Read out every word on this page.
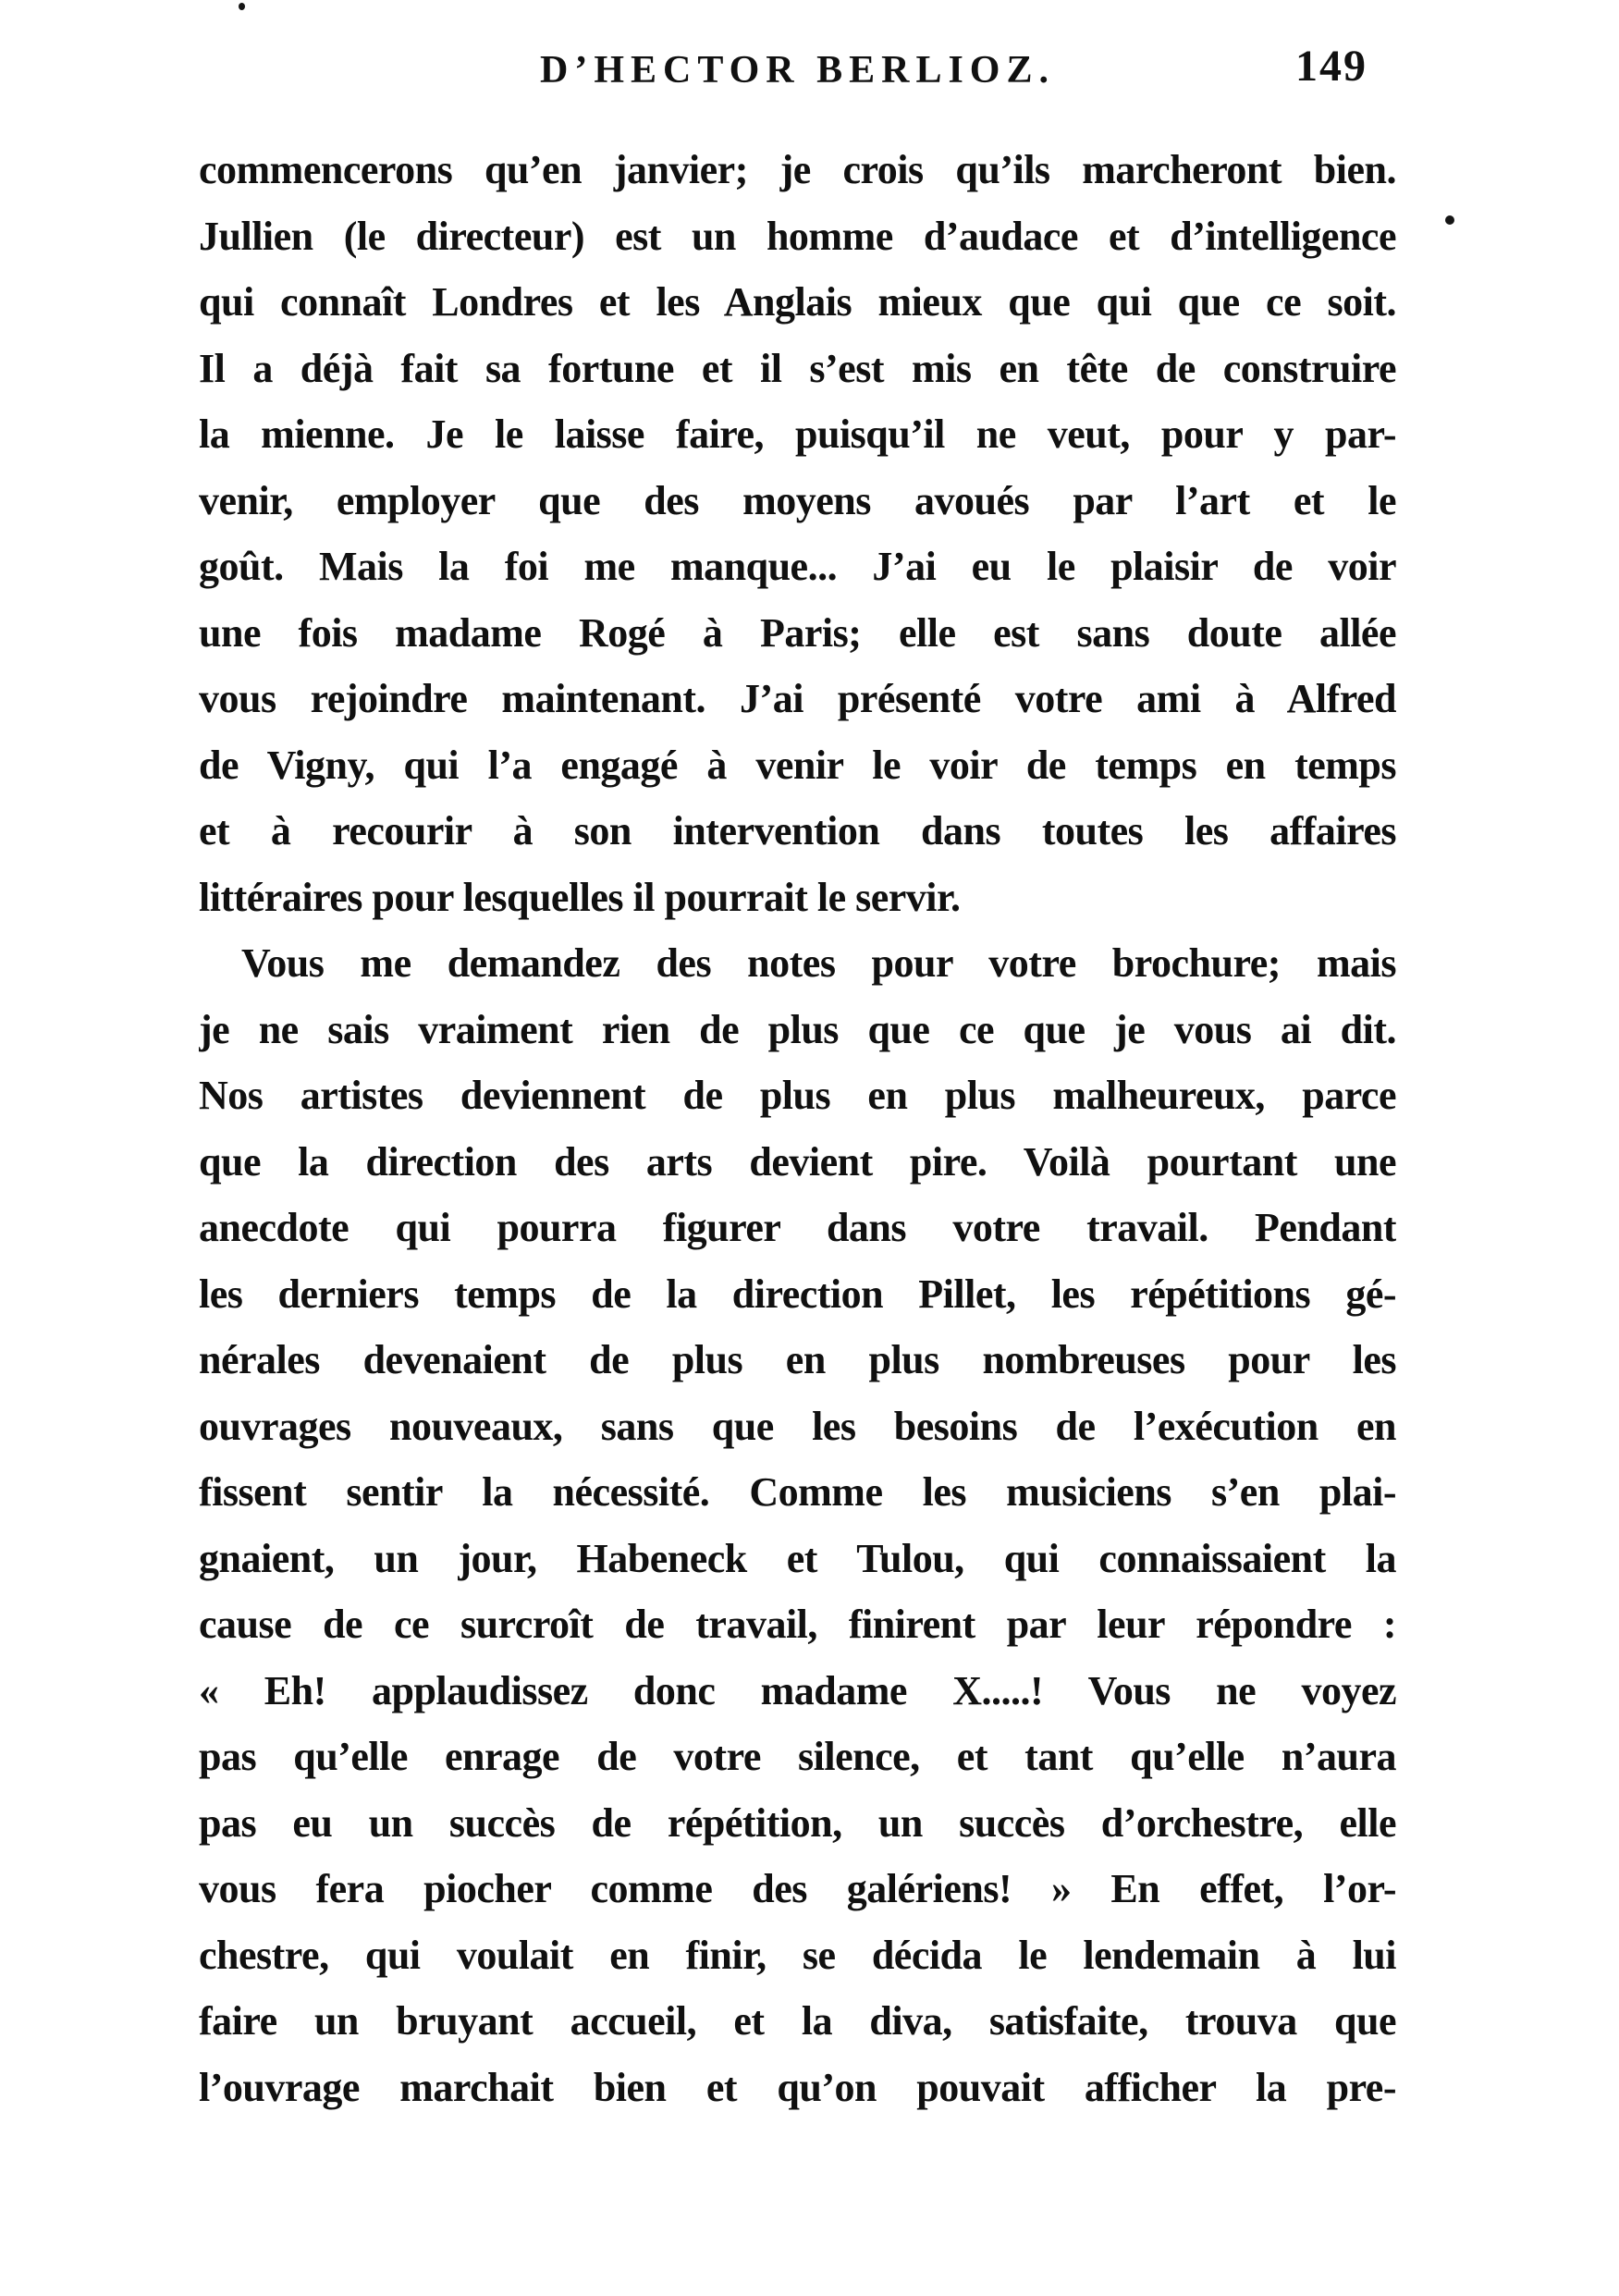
D’HECTOR BERLIOZ.	149
commencerons qu’en janvier; je crois qu’ils marcheront bien.
Jullien (le directeur) est un homme d’audace et d’intelligence
qui connaît Londres et les Anglais mieux que qui que ce soit.
Il a déjà fait sa fortune et il s’est mis en tête de construire
la mienne. Je le laisse faire, puisqu’il ne veut, pour y par-
venir, employer que des moyens avoués par l’art et le
goût. Mais la foi me manque... J’ai eu le plaisir de voir
une fois madame Rogé à Paris; elle est sans doute allée
vous rejoindre maintenant. J’ai présenté votre ami à Alfred
de Vigny, qui l’a engagé à venir le voir de temps en temps
et à recourir à son intervention dans toutes les affaires
littéraires pour lesquelles il pourrait le servir.
Vous me demandez des notes pour votre brochure; mais
je ne sais vraiment rien de plus que ce que je vous ai dit.
Nos artistes deviennent de plus en plus malheureux, parce
que la direction des arts devient pire. Voilà pourtant une
anecdote qui pourra figurer dans votre travail. Pendant
les derniers temps de la direction Pillet, les répétitions gé-
nérales devenaient de plus en plus nombreuses pour les
ouvrages nouveaux, sans que les besoins de l’exécution en
fissent sentir la nécessité. Comme les musiciens s’en plai-
gnaient, un jour, Habeneck et Tulou, qui connaissaient la
cause de ce surcroît de travail, finirent par leur répondre :
« Eh! applaudissez donc madame X.....! Vous ne voyez
pas qu’elle enrage de votre silence, et tant qu’elle n’aura
pas eu un succès de répétition, un succès d’orchestre, elle
vous fera piocher comme des galériens! » En effet, l’or-
chestre, qui voulait en finir, se décida le lendemain à lui
faire un bruyant accueil, et la diva, satisfaite, trouva que
l’ouvrage marchait bien et qu’on pouvait afficher la pre-
